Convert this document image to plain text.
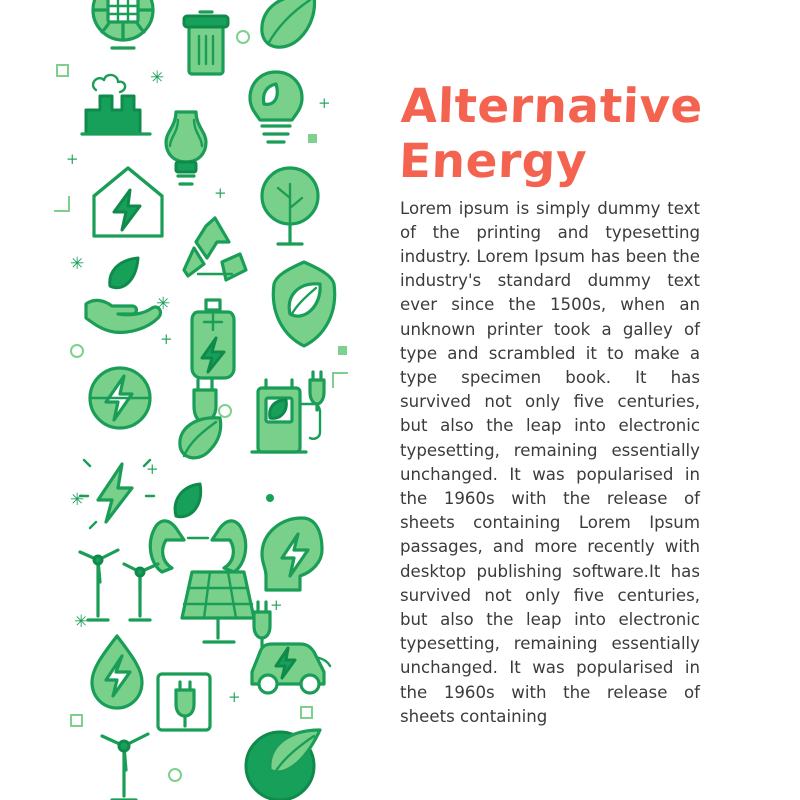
+
✳
+
✳
+
+
✳
+
✳
+
✳
+
Alternative
Energy

Lorem ipsum is simply dummy text of the printing and typesetting industry. Lorem Ipsum has been the industry's standard dummy text ever since the 1500s, when an unknown printer took a galley of type and scrambled it to make a type specimen book. It has survived not only five centuries, but also the leap into electronic typesetting, remaining essentially unchanged. It was popularised in the 1960s with the release of sheets containing Lorem Ipsum passages, and more recently with desktop publishing software.It has survived not only five centuries, but also the leap into electronic typesetting, remaining essentially unchanged. It was popularised in the 1960s with the release of sheets containing
